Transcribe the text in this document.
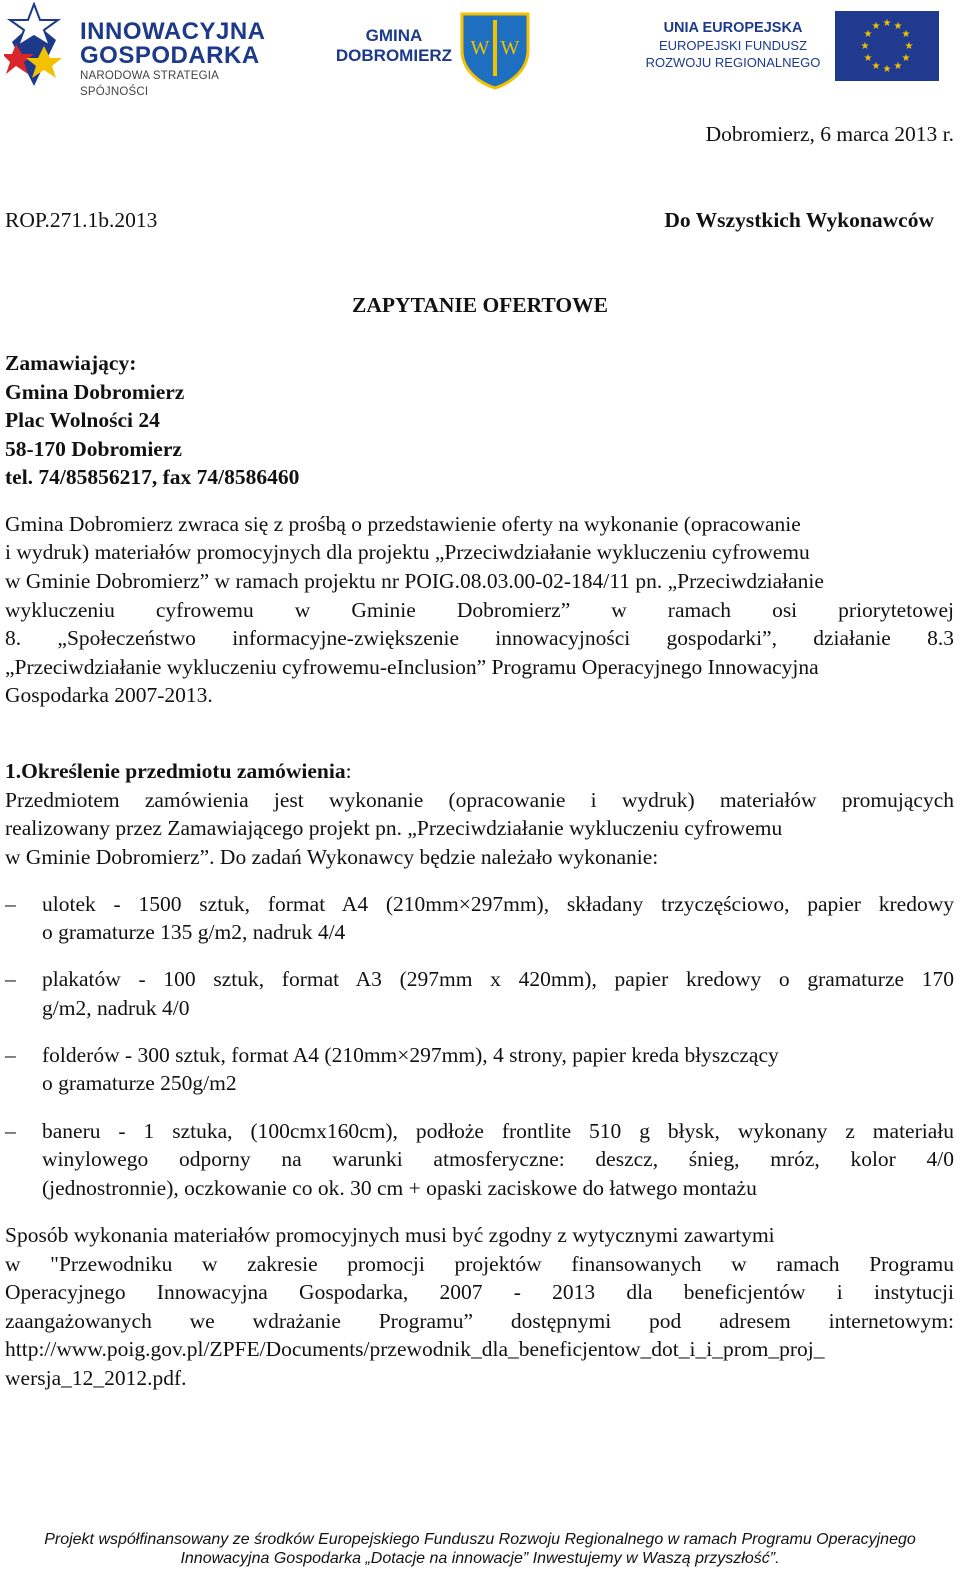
INNOWACYJNA
GOSPODARKA
NARODOWA STRATEGIA SPÓJNOŚCI
GMINA
DOBROMIERZ W W
UNIA EUROPEJSKA
EUROPEJSKI FUNDUSZ
ROZWOJU REGIONALNEGO
★ ★
★
★
★
★
★
★
★
★
★
★
Dobromierz, 6 marca 2013 r.
ROP.271.1b.2013	Do Wszystkich Wykonawców
ZAPYTANIE OFERTOWE
Zamawiający:
Gmina Dobromierz
Plac Wolności 24
58-170 Dobromierz
tel. 74/85856217, fax 74/8586460
Gmina Dobromierz zwraca się z prośbą o przedstawienie oferty na wykonanie (opracowanie
i wydruk) materiałów promocyjnych dla projektu „Przeciwdziałanie wykluczeniu cyfrowemu
w Gminie Dobromierz” w ramach projektu nr POIG.08.03.00-02-184/11 pn. „Przeciwdziałanie
wykluczeniu cyfrowemu w Gminie Dobromierz” w ramach osi priorytetowej
8. „Społeczeństwo informacyjne-zwiększenie innowacyjności gospodarki”, działanie 8.3
„Przeciwdziałanie wykluczeniu cyfrowemu-eInclusion” Programu Operacyjnego Innowacyjna
Gospodarka 2007-2013.
1.Określenie przedmiotu zamówienia:
Przedmiotem zamówienia jest wykonanie (opracowanie i wydruk) materiałów promujących
realizowany przez Zamawiającego projekt pn. „Przeciwdziałanie wykluczeniu cyfrowemu
w Gminie Dobromierz”. Do zadań Wykonawcy będzie należało wykonanie:
–	ulotek - 1500 sztuk, format A4 (210mm×297mm), składany trzyczęściowo, papier kredowy
o gramaturze 135 g/m2, nadruk 4/4
–	plakatów - 100 sztuk, format A3 (297mm x 420mm), papier kredowy o gramaturze 170
g/m2, nadruk 4/0
–	folderów - 300 sztuk, format A4 (210mm×297mm), 4 strony, papier kreda błyszczący
o gramaturze 250g/m2
–	baneru - 1 sztuka, (100cmx160cm), podłoże frontlite 510 g błysk, wykonany z materiału
winylowego odporny na warunki atmosferyczne: deszcz, śnieg, mróz, kolor 4/0
(jednostronnie), oczkowanie co ok. 30 cm + opaski zaciskowe do łatwego montażu
Sposób wykonania materiałów promocyjnych musi być zgodny z wytycznymi zawartymi
w "Przewodniku w zakresie promocji projektów finansowanych w ramach Programu
Operacyjnego Innowacyjna Gospodarka, 2007 - 2013 dla beneficjentów i instytucji
zaangażowanych we wdrażanie Programu” dostępnymi pod adresem internetowym:
http://www.poig.gov.pl/ZPFE/Documents/przewodnik_dla_beneficjentow_dot_i_i_prom_proj_
wersja_12_2012.pdf.
Projekt współfinansowany ze środków Europejskiego Funduszu Rozwoju Regionalnego w ramach Programu Operacyjnego
Innowacyjna Gospodarka „Dotacje na innowacje” Inwestujemy w Waszą przyszłość”.
